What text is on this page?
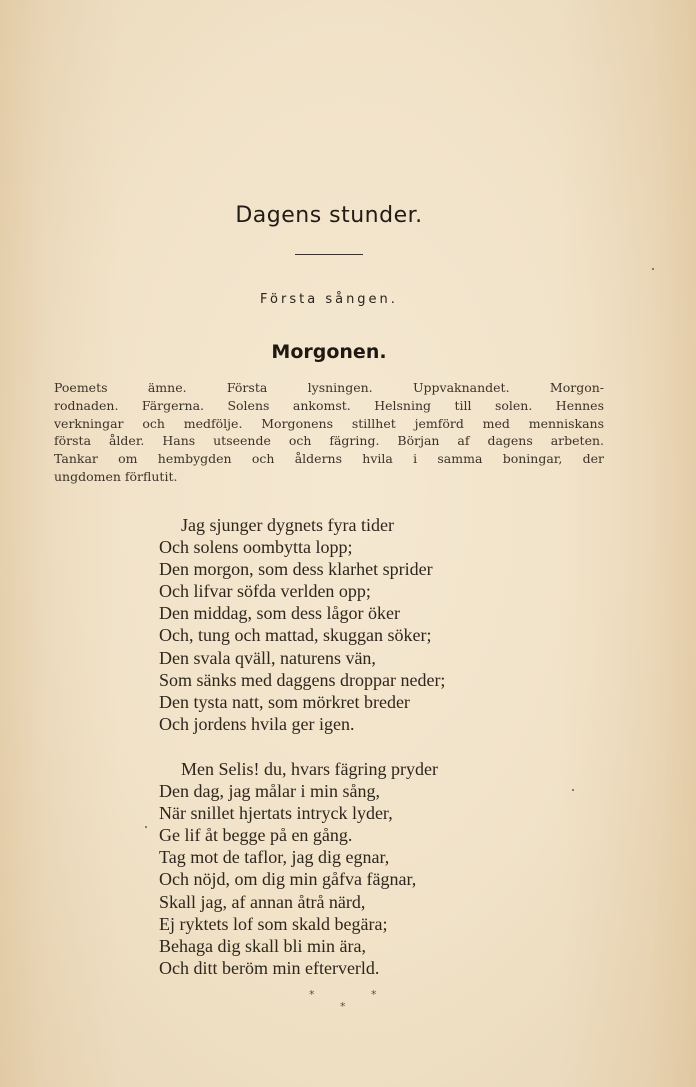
Dagens stunder.
Första sången.
Morgonen.
Poemets ämne. Första lysningen. Uppvaknandet. Morgon-
rodnaden. Färgerna. Solens ankomst. Helsning till solen. Hennes
verkningar och medfölje. Morgonens stillhet jemförd med menniskans
första ålder. Hans utseende och fägring. Början af dagens arbeten.
Tankar om hembygden och ålderns hvila i samma boningar, der
ungdomen förflutit.
Jag sjunger dygnets fyra tider
Och solens oombytta lopp;
Den morgon, som dess klarhet sprider
Och lifvar söfda verlden opp;
Den middag, som dess lågor öker
Och, tung och mattad, skuggan söker;
Den svala qväll, naturens vän,
Som sänks med daggens droppar neder;
Den tysta natt, som mörkret breder
Och jordens hvila ger igen.
Men Selis! du, hvars fägring pryder
Den dag, jag målar i min sång,
När snillet hjertats intryck lyder,
Ge lif åt begge på en gång.
Tag mot de taflor, jag dig egnar,
Och nöjd, om dig min gåfva fägnar,
Skall jag, af annan åtrå närd,
Ej ryktets lof som skald begära;
Behaga dig skall bli min ära,
Och ditt beröm min efterverld.
*	*
*
